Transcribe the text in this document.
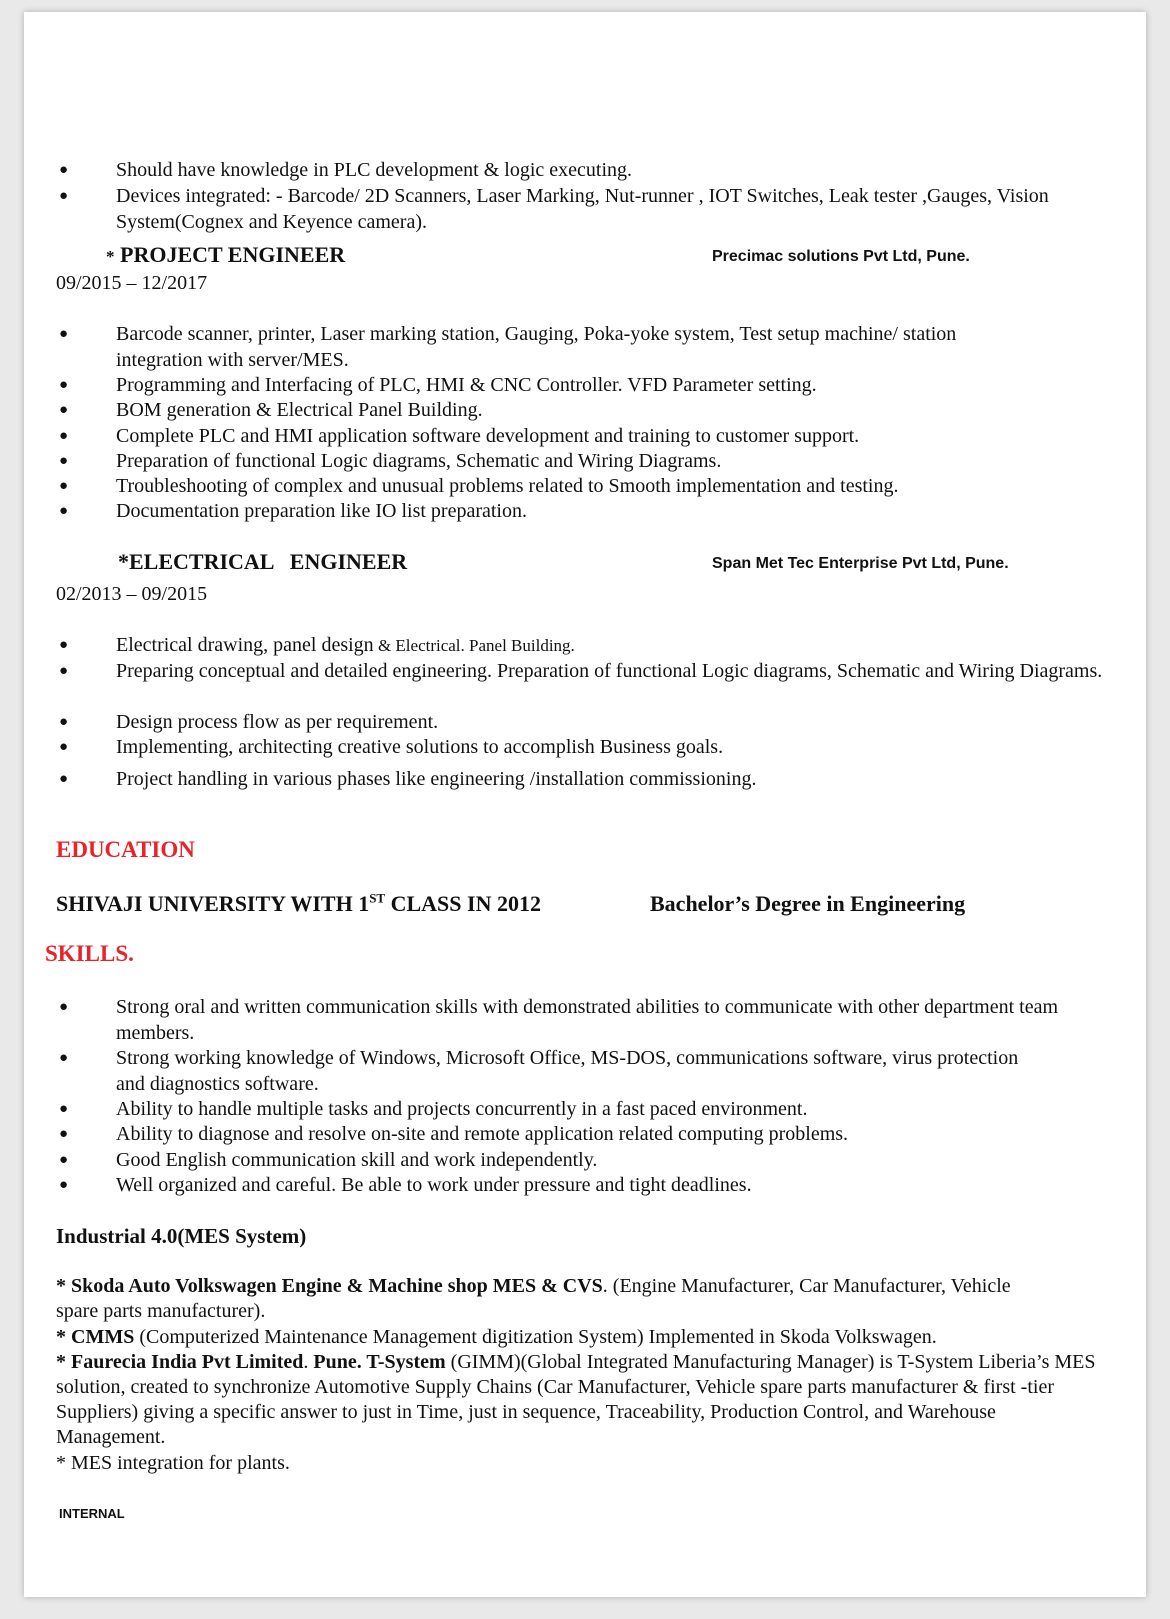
● Should have knowledge in PLC development & logic executing.
● Devices integrated: - Barcode/ 2D Scanners, Laser Marking, Nut-runner , IOT Switches, Leak tester ,Gauges, Vision System(Cognex and Keyence camera).
* PROJECT ENGINEER	Precimac solutions Pvt Ltd, Pune.
09/2015 – 12/2017
● Barcode scanner, printer, Laser marking station, Gauging, Poka-yoke system, Test setup machine/ station integration with server/MES.
● Programming and Interfacing of PLC, HMI & CNC Controller. VFD Parameter setting.
● BOM generation & Electrical Panel Building.
● Complete PLC and HMI application software development and training to customer support.
● Preparation of functional Logic diagrams, Schematic and Wiring Diagrams.
● Troubleshooting of complex and unusual problems related to Smooth implementation and testing.
● Documentation preparation like IO list preparation.
*ELECTRICAL   ENGINEER	Span Met Tec Enterprise Pvt Ltd, Pune.
02/2013 – 09/2015
● Electrical drawing, panel design & Electrical. Panel Building.
● Preparing conceptual and detailed engineering. Preparation of functional Logic diagrams, Schematic and Wiring Diagrams.
● Design process flow as per requirement.
● Implementing, architecting creative solutions to accomplish Business goals.
● Project handling in various phases like engineering /installation commissioning.
EDUCATION
SHIVAJI UNIVERSITY WITH 1ST CLASS IN 2012	Bachelor’s Degree in Engineering
SKILLS.
● Strong oral and written communication skills with demonstrated abilities to communicate with other department team members.
● Strong working knowledge of Windows, Microsoft Office, MS-DOS, communications software, virus protection and diagnostics software.
● Ability to handle multiple tasks and projects concurrently in a fast paced environment.
● Ability to diagnose and resolve on-site and remote application related computing problems.
● Good English communication skill and work independently.
● Well organized and careful. Be able to work under pressure and tight deadlines.
Industrial 4.0(MES System)
* Skoda Auto Volkswagen Engine & Machine shop MES & CVS. (Engine Manufacturer, Car Manufacturer, Vehicle spare parts manufacturer).
* CMMS (Computerized Maintenance Management digitization System) Implemented in Skoda Volkswagen.
* Faurecia India Pvt Limited. Pune. T-System (GIMM)(Global Integrated Manufacturing Manager) is T-System Liberia’s MES solution, created to synchronize Automotive Supply Chains (Car Manufacturer, Vehicle spare parts manufacturer & first -tier Suppliers) giving a specific answer to just in Time, just in sequence, Traceability, Production Control, and Warehouse Management.
* MES integration for plants.
INTERNAL
